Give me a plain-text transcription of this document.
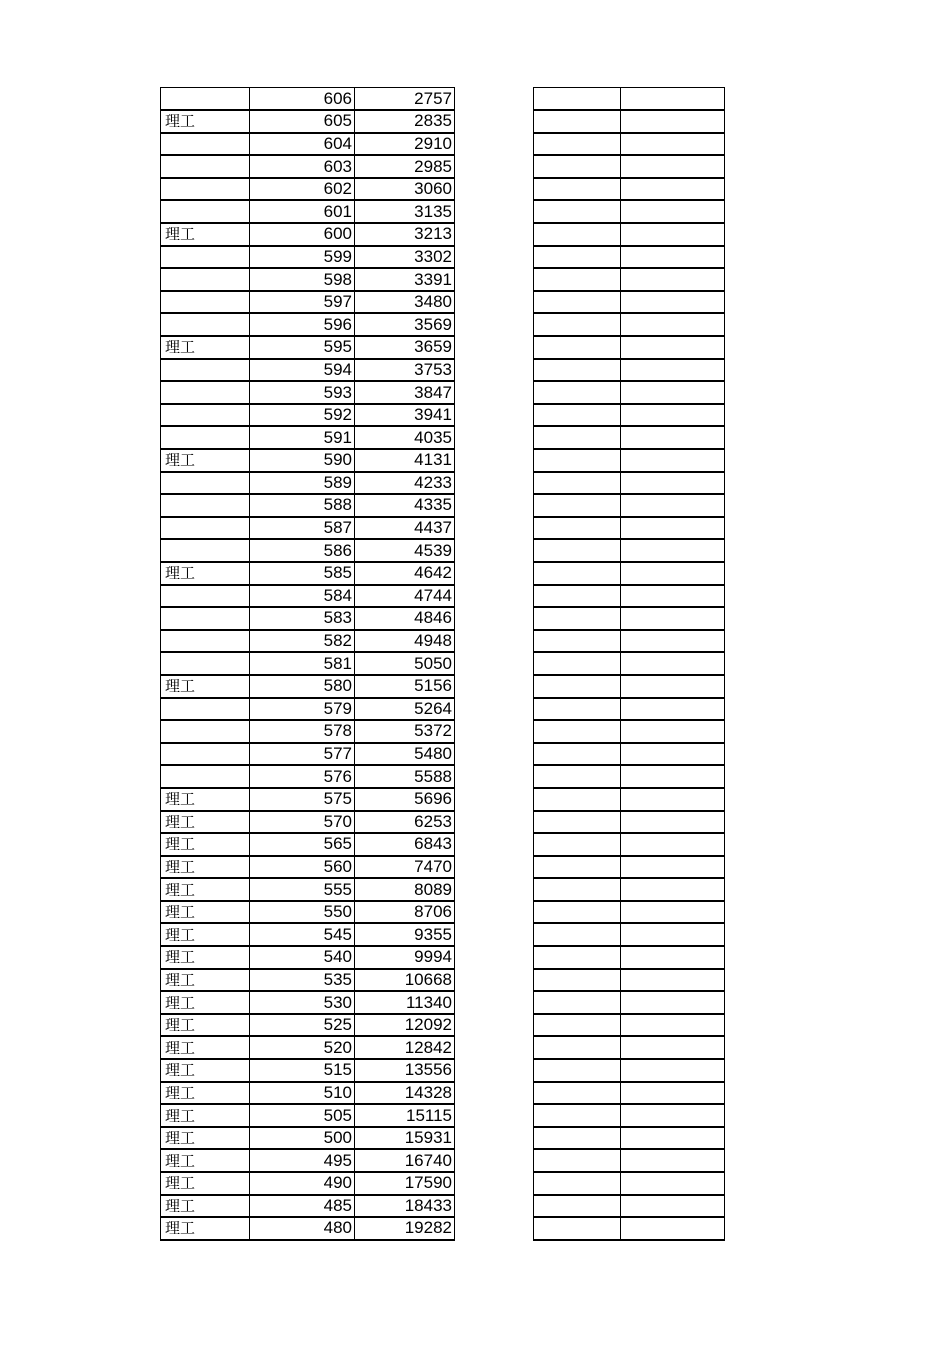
	606	2757
理工	605	2835
	604	2910
	603	2985
	602	3060
	601	3135
理工	600	3213
	599	3302
	598	3391
	597	3480
	596	3569
理工	595	3659
	594	3753
	593	3847
	592	3941
	591	4035
理工	590	4131
	589	4233
	588	4335
	587	4437
	586	4539
理工	585	4642
	584	4744
	583	4846
	582	4948
	581	5050
理工	580	5156
	579	5264
	578	5372
	577	5480
	576	5588
理工	575	5696
理工	570	6253
理工	565	6843
理工	560	7470
理工	555	8089
理工	550	8706
理工	545	9355
理工	540	9994
理工	535	10668
理工	530	11340
理工	525	12092
理工	520	12842
理工	515	13556
理工	510	14328
理工	505	15115
理工	500	15931
理工	495	16740
理工	490	17590
理工	485	18433
理工	480	19282
